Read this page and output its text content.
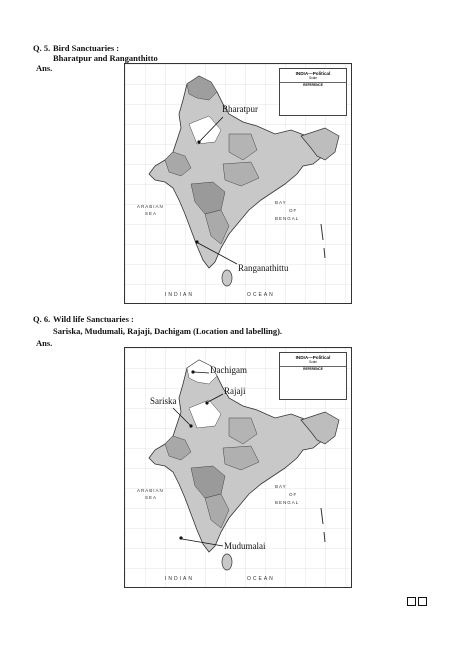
Q. 5. Bird Sanctuaries :
Bharatpur and Ranganthitto
Ans.
ARABIAN
SEA
BAY
OF
BENGAL
INDIAN	OCEAN
INDIA—Political
Scale
REFERENCE
Bharatpur
Ranganathittu
Q. 6. Wild life Sanctuaries :
Sariska, Mudumali, Rajaji, Dachigam (Location and labelling).
Ans.
ARABIAN
SEA
BAY
OF
BENGAL
INDIAN	OCEAN
INDIA—Political
Scale
REFERENCE
Dachigam
Rajaji
Sariska
Mudumalai
